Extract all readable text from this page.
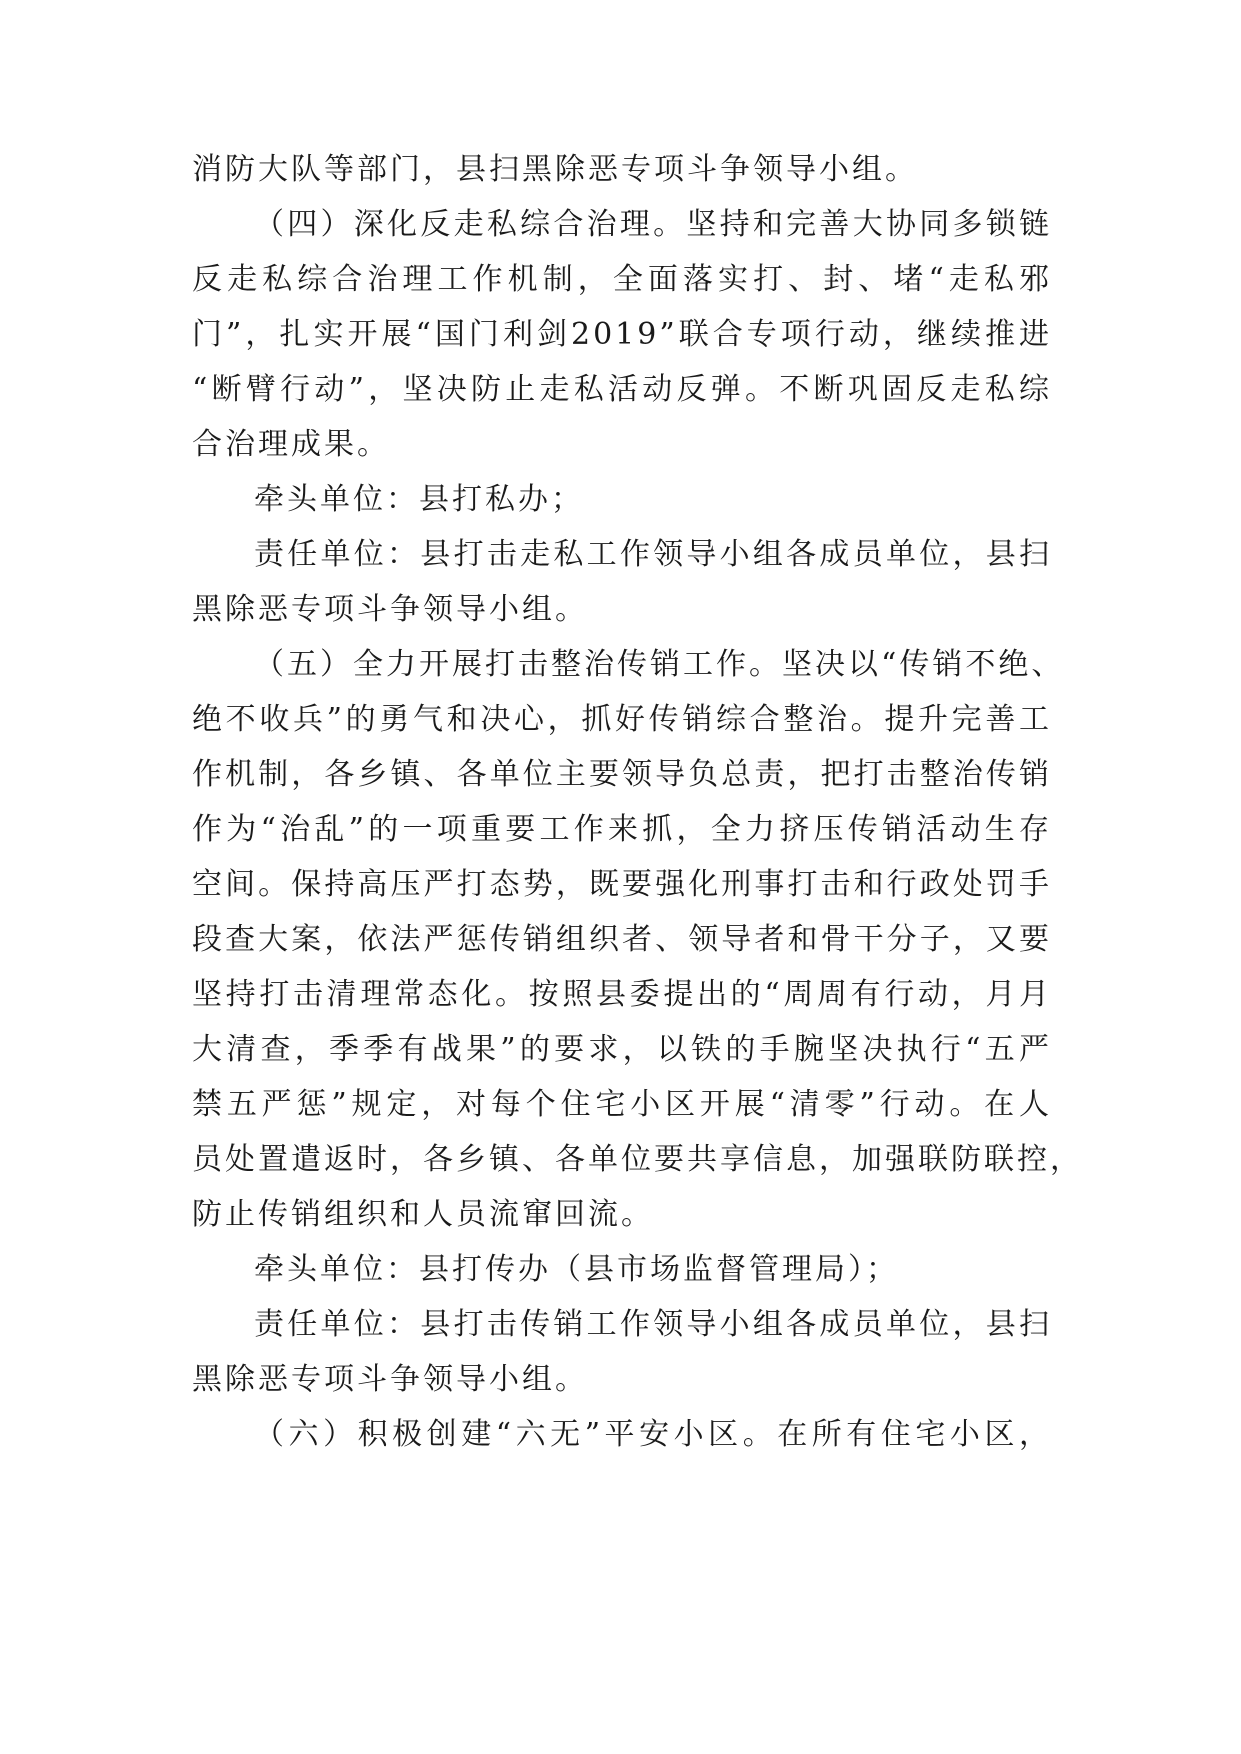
消防大队等部门，县扫黑除恶专项斗争领导小组。
（四）深化反走私综合治理。坚持和完善大协同多锁链
反走私综合治理工作机制，全面落实打、封、堵“走私邪
门”，扎实开展“国门利剑2019”联合专项行动，继续推进
“断臂行动”，坚决防止走私活动反弹。不断巩固反走私综
合治理成果。
牵头单位：县打私办；
责任单位：县打击走私工作领导小组各成员单位，县扫
黑除恶专项斗争领导小组。
（五）全力开展打击整治传销工作。坚决以“传销不绝、
绝不收兵”的勇气和决心，抓好传销综合整治。提升完善工
作机制，各乡镇、各单位主要领导负总责，把打击整治传销
作为“治乱”的一项重要工作来抓，全力挤压传销活动生存
空间。保持高压严打态势，既要强化刑事打击和行政处罚手
段查大案，依法严惩传销组织者、领导者和骨干分子，又要
坚持打击清理常态化。按照县委提出的“周周有行动，月月
大清查，季季有战果”的要求，以铁的手腕坚决执行“五严
禁五严惩”规定，对每个住宅小区开展“清零”行动。在人
员处置遣返时，各乡镇、各单位要共享信息，加强联防联控，
防止传销组织和人员流窜回流。
牵头单位：县打传办（县市场监督管理局）；
责任单位：县打击传销工作领导小组各成员单位，县扫
黑除恶专项斗争领导小组。
（六）积极创建“六无”平安小区。在所有住宅小区，
